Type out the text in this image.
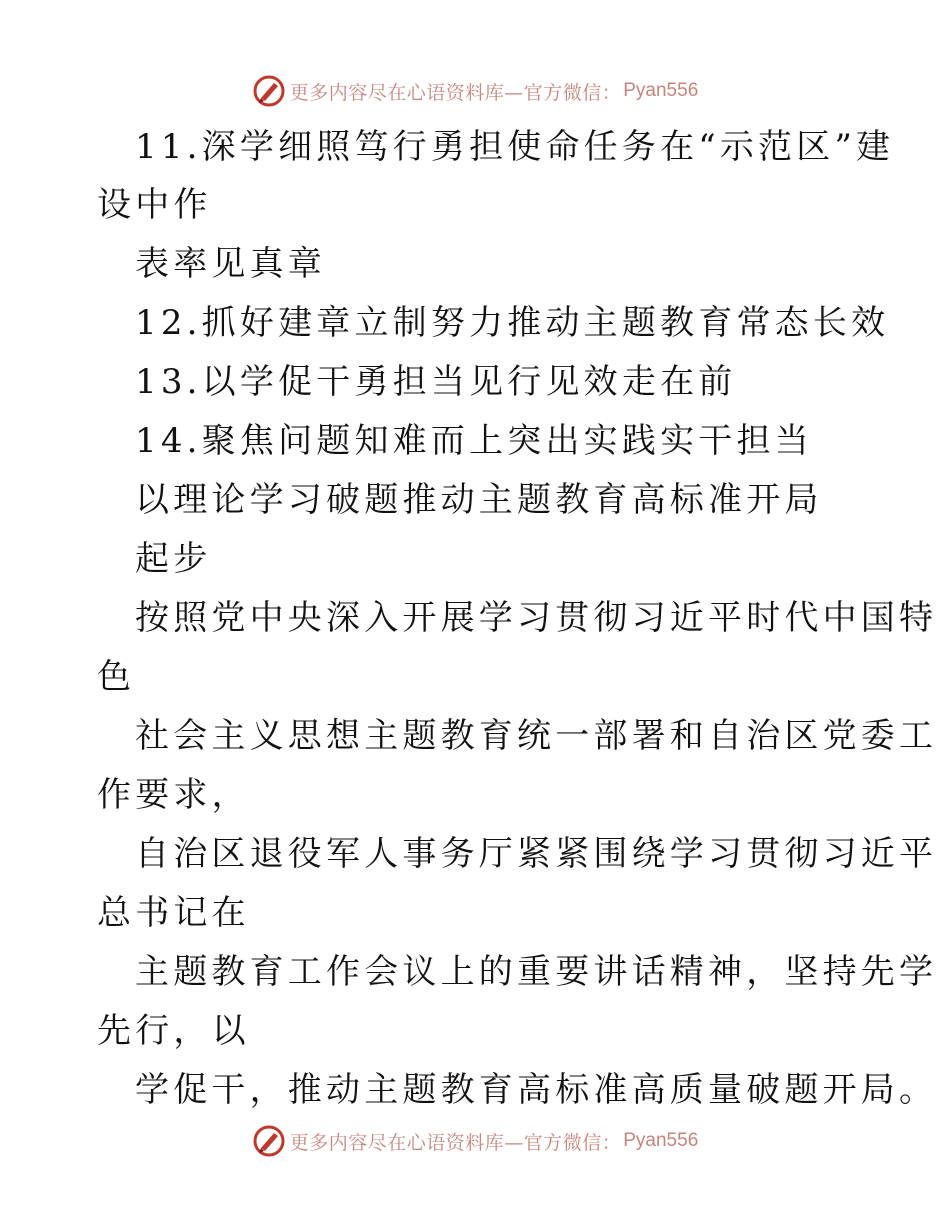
更多内容尽在心语资料库—官方微信： Pyan556
11.深学细照笃行勇担使命任务在“示范区”建
设中作
表率见真章
12.抓好建章立制努力推动主题教育常态长效
13.以学促干勇担当见行见效走在前
14.聚焦问题知难而上突出实践实干担当
以理论学习破题推动主题教育高标准开局
起步
按照党中央深入开展学习贯彻习近平时代中国特
色
社会主义思想主题教育统一部署和自治区党委工
作要求，
自治区退役军人事务厅紧紧围绕学习贯彻习近平
总书记在
主题教育工作会议上的重要讲话精神，坚持先学
先行，以
学促干，推动主题教育高标准高质量破题开局。
更多内容尽在心语资料库—官方微信： Pyan556
